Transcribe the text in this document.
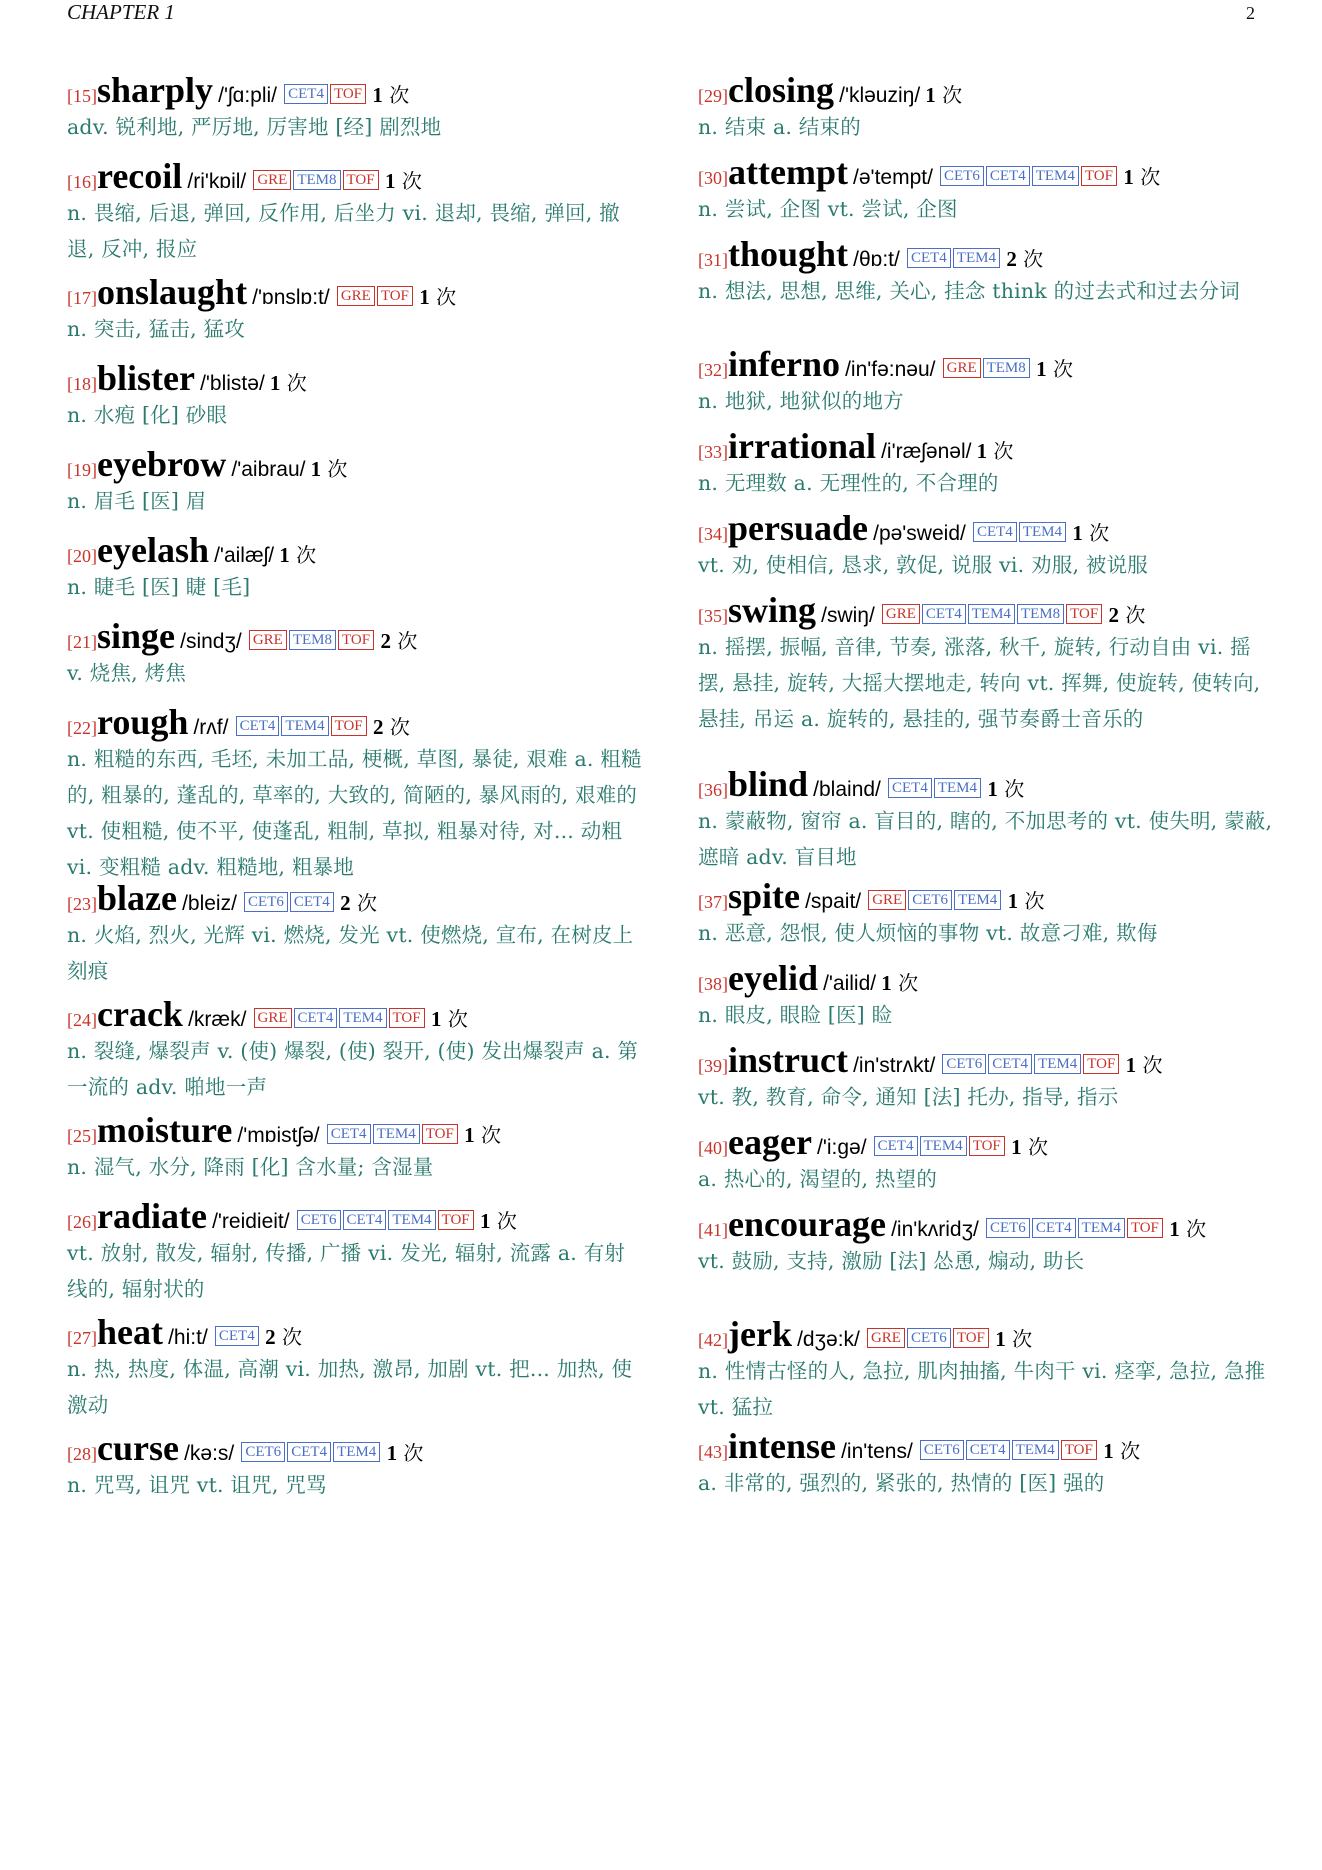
CHAPTER 1	2
[15]sharply /'ʃɑ:pli/ CET4 TOF 1 次
adv. 锐利地, 严厉地, 厉害地 [经] 剧烈地
[16]recoil /ri'kɒil/ GRE TEM8 TOF 1 次
n. 畏缩, 后退, 弹回, 反作用, 后坐力 vi. 退却, 畏缩, 弹回, 撤退, 反冲, 报应
[17]onslaught /'ɒnslɒ:t/ GRE TOF 1 次
n. 突击, 猛击, 猛攻
[18]blister /'blistə/ 1 次
n. 水疱 [化] 砂眼
[19]eyebrow /'aibrau/ 1 次
n. 眉毛 [医] 眉
[20]eyelash /'ailæʃ/ 1 次
n. 睫毛 [医] 睫 [毛]
[21]singe /sindʒ/ GRE TEM8 TOF 2 次
v. 烧焦, 烤焦
[22]rough /rʌf/ CET4 TEM4 TOF 2 次
n. 粗糙的东西, 毛坯, 未加工品, 梗概, 草图, 暴徒, 艰难 a. 粗糙的, 粗暴的, 蓬乱的, 草率的, 大致的, 简陋的, 暴风雨的, 艰难的 vt. 使粗糙, 使不平, 使蓬乱, 粗制, 草拟, 粗暴对待, 对... 动粗 vi. 变粗糙 adv. 粗糙地, 粗暴地
[23]blaze /bleiz/ CET6 CET4 2 次
n. 火焰, 烈火, 光辉 vi. 燃烧, 发光 vt. 使燃烧, 宣布, 在树皮上刻痕
[24]crack /kræk/ GRE CET4 TEM4 TOF 1 次
n. 裂缝, 爆裂声 v. (使) 爆裂, (使) 裂开, (使) 发出爆裂声 a. 第一流的 adv. 啪地一声
[25]moisture /'mɒistʃə/ CET4 TEM4 TOF 1 次
n. 湿气, 水分, 降雨 [化] 含水量; 含湿量
[26]radiate /'reidieit/ CET6 CET4 TEM4 TOF 1 次
vt. 放射, 散发, 辐射, 传播, 广播 vi. 发光, 辐射, 流露 a. 有射线的, 辐射状的
[27]heat /hi:t/ CET4 2 次
n. 热, 热度, 体温, 高潮 vi. 加热, 激昂, 加剧 vt. 把... 加热, 使激动
[28]curse /kə:s/ CET6 CET4 TEM4 1 次
n. 咒骂, 诅咒 vt. 诅咒, 咒骂
[29]closing /'kləuziŋ/ 1 次
n. 结束 a. 结束的
[30]attempt /ə'tempt/ CET6 CET4 TEM4 TOF 1 次
n. 尝试, 企图 vt. 尝试, 企图
[31]thought /θɒ:t/ CET4 TEM4 2 次
n. 想法, 思想, 思维, 关心, 挂念 think 的过去式和过去分词
[32]inferno /in'fə:nəu/ GRE TEM8 1 次
n. 地狱, 地狱似的地方
[33]irrational /i'ræʃənəl/ 1 次
n. 无理数 a. 无理性的, 不合理的
[34]persuade /pə'sweid/ CET4 TEM4 1 次
vt. 劝, 使相信, 恳求, 敦促, 说服 vi. 劝服, 被说服
[35]swing /swiŋ/ GRE CET4 TEM4 TEM8 TOF 2 次
n. 摇摆, 振幅, 音律, 节奏, 涨落, 秋千, 旋转, 行动自由 vi. 摇摆, 悬挂, 旋转, 大摇大摆地走, 转向 vt. 挥舞, 使旋转, 使转向, 悬挂, 吊运 a. 旋转的, 悬挂的, 强节奏爵士音乐的
[36]blind /blaind/ CET4 TEM4 1 次
n. 蒙蔽物, 窗帘 a. 盲目的, 瞎的, 不加思考的 vt. 使失明, 蒙蔽, 遮暗 adv. 盲目地
[37]spite /spait/ GRE CET6 TEM4 1 次
n. 恶意, 怨恨, 使人烦恼的事物 vt. 故意刁难, 欺侮
[38]eyelid /'ailid/ 1 次
n. 眼皮, 眼睑 [医] 睑
[39]instruct /in'strʌkt/ CET6 CET4 TEM4 TOF 1 次
vt. 教, 教育, 命令, 通知 [法] 托办, 指导, 指示
[40]eager /'i:gə/ CET4 TEM4 TOF 1 次
a. 热心的, 渴望的, 热望的
[41]encourage /in'kʌridʒ/ CET6 CET4 TEM4 TOF 1 次
vt. 鼓励, 支持, 激励 [法] 怂恿, 煽动, 助长
[42]jerk /dʒə:k/ GRE CET6 TOF 1 次
n. 性情古怪的人, 急拉, 肌肉抽搐, 牛肉干 vi. 痉挛, 急拉, 急推 vt. 猛拉
[43]intense /in'tens/ CET6 CET4 TEM4 TOF 1 次
a. 非常的, 强烈的, 紧张的, 热情的 [医] 强的
